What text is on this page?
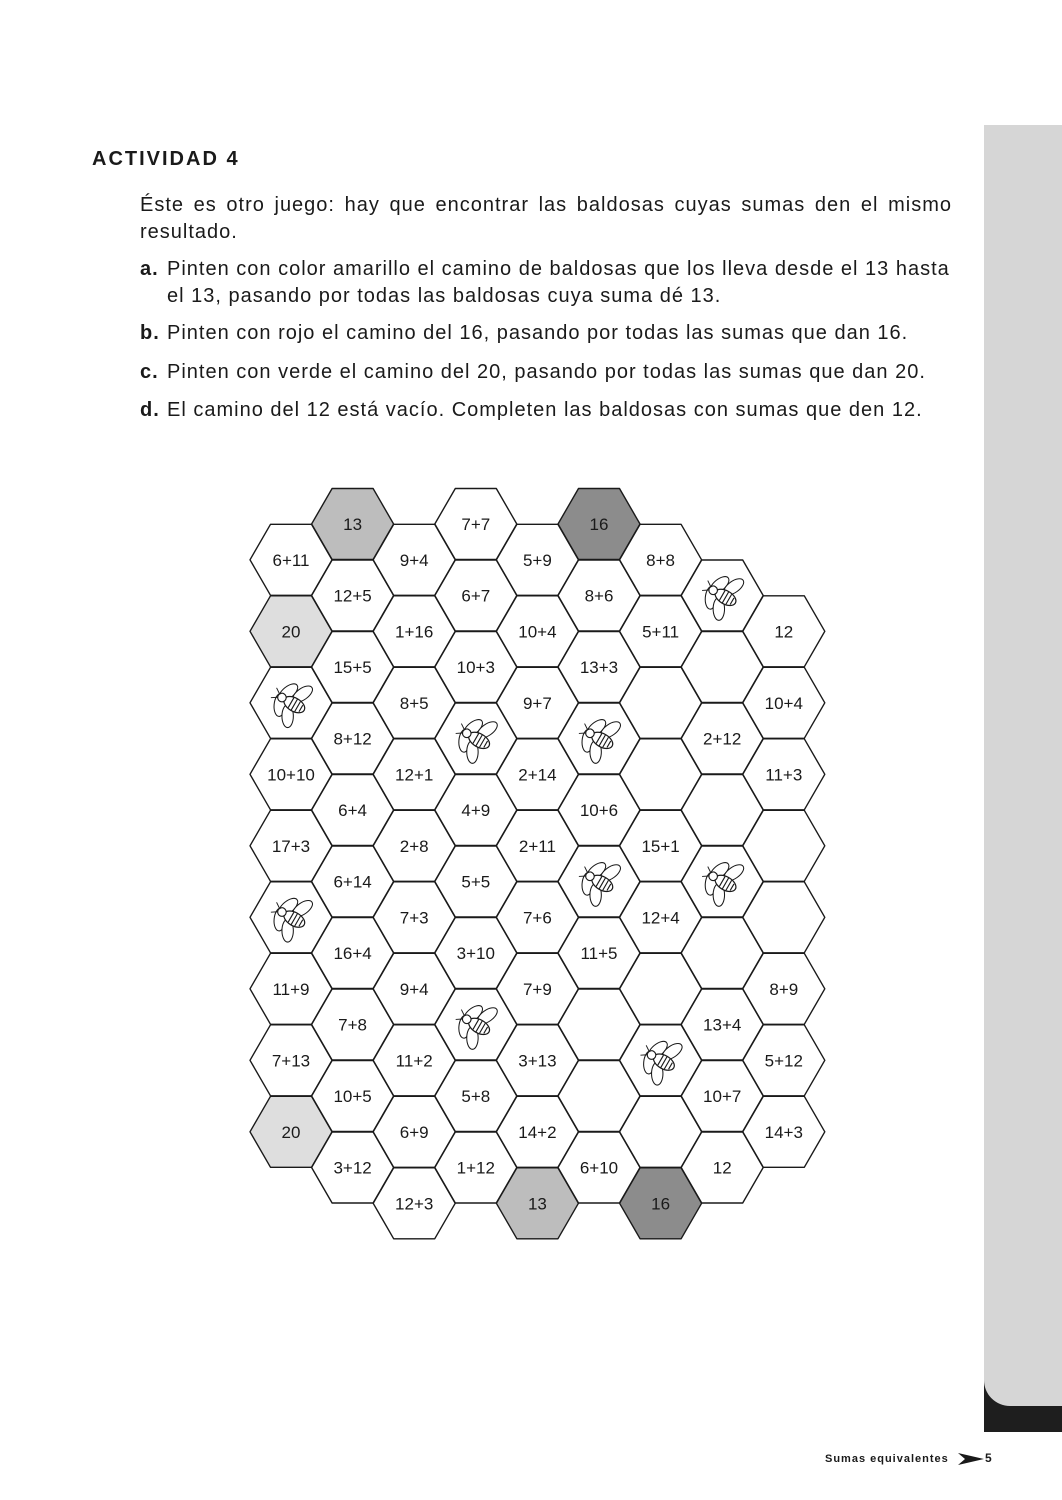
ACTIVIDAD 4

Éste es otro juego: hay que encontrar las baldosas cuyas sumas den el mismo resultado.

a. Pinten con color amarillo el camino de baldosas que los lleva desde el 13 hasta el 13, pasando por todas las baldosas cuya suma dé 13.

b. Pinten con rojo el camino del 16, pasando por todas las sumas que dan 16.

c. Pinten con verde el camino del 20, pasando por todas las sumas que dan 20.

d. El camino del 12 está vacío. Completen las baldosas con sumas que den 12.

6+11
20
10+10
17+3
11+9
7+13
20
13
12+5
15+5
8+12
6+4
6+14
16+4
7+8
10+5
3+12
9+4
1+16
8+5
12+1
2+8
7+3
9+4
11+2
6+9
12+3
7+7
6+7
10+3
4+9
5+5
3+10
5+8
1+12
5+9
10+4
9+7
2+14
2+11
7+6
7+9
3+13
14+2
13
16
8+6
13+3
10+6
11+5
6+10
8+8
5+11
15+1
12+4
16
2+12
13+4
10+7
12
12
10+4
11+3
8+9
5+12
14+3
Sumas equivalentes	5
